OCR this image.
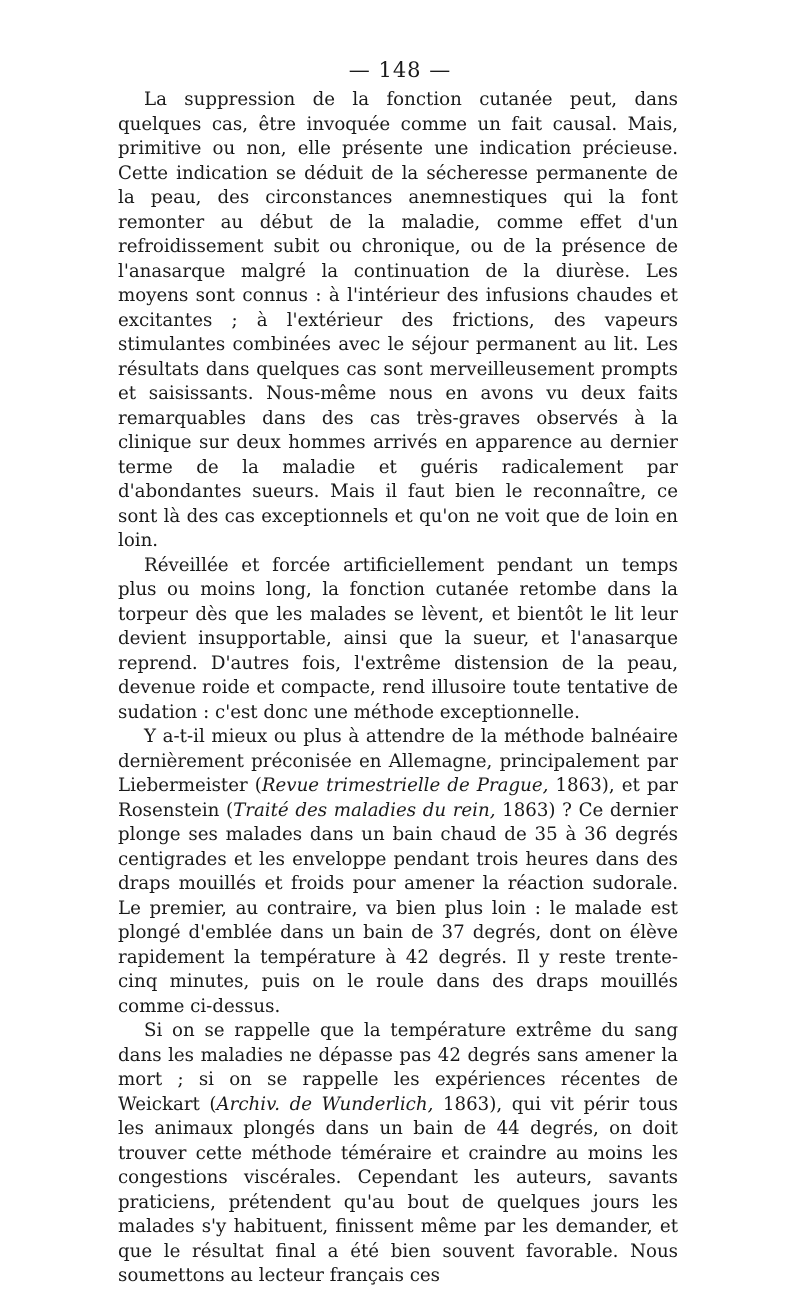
— 148 —

La suppression de la fonction cutanée peut, dans quelques cas, être invoquée comme un fait causal. Mais, primitive ou non, elle présente une indication précieuse. Cette indication se déduit de la sécheresse permanente de la peau, des circonstances anemnestiques qui la font remonter au début de la maladie, comme effet d'un refroidissement subit ou chronique, ou de la présence de l'anasarque malgré la continuation de la diurèse. Les moyens sont connus : à l'intérieur des infusions chaudes et excitantes ; à l'extérieur des frictions, des vapeurs stimulantes combinées avec le séjour permanent au lit. Les résultats dans quelques cas sont merveilleusement prompts et saisissants. Nous-même nous en avons vu deux faits remarquables dans des cas très-graves observés à la clinique sur deux hommes arrivés en apparence au dernier terme de la maladie et guéris radicalement par d'abondantes sueurs. Mais il faut bien le reconnaître, ce sont là des cas exceptionnels et qu'on ne voit que de loin en loin.

Réveillée et forcée artificiellement pendant un temps plus ou moins long, la fonction cutanée retombe dans la torpeur dès que les malades se lèvent, et bientôt le lit leur devient insupportable, ainsi que la sueur, et l'anasarque reprend. D'autres fois, l'extrême distension de la peau, devenue roide et compacte, rend illusoire toute tentative de sudation : c'est donc une méthode exceptionnelle.

Y a-t-il mieux ou plus à attendre de la méthode balnéaire dernièrement préconisée en Allemagne, principalement par Liebermeister (Revue trimestrielle de Prague, 1863), et par Rosenstein (Traité des maladies du rein, 1863) ? Ce dernier plonge ses malades dans un bain chaud de 35 à 36 degrés centigrades et les enveloppe pendant trois heures dans des draps mouillés et froids pour amener la réaction sudorale. Le premier, au contraire, va bien plus loin : le malade est plongé d'emblée dans un bain de 37 degrés, dont on élève rapidement la température à 42 degrés. Il y reste trente-cinq minutes, puis on le roule dans des draps mouillés comme ci-dessus.

Si on se rappelle que la température extrême du sang dans les maladies ne dépasse pas 42 degrés sans amener la mort ; si on se rappelle les expériences récentes de Weickart (Archiv. de Wunderlich, 1863), qui vit périr tous les animaux plongés dans un bain de 44 degrés, on doit trouver cette méthode téméraire et craindre au moins les congestions viscérales. Cependant les auteurs, savants praticiens, prétendent qu'au bout de quelques jours les malades s'y habituent, finissent même par les demander, et que le résultat final a été bien souvent favorable. Nous soumettons au lecteur français ces
